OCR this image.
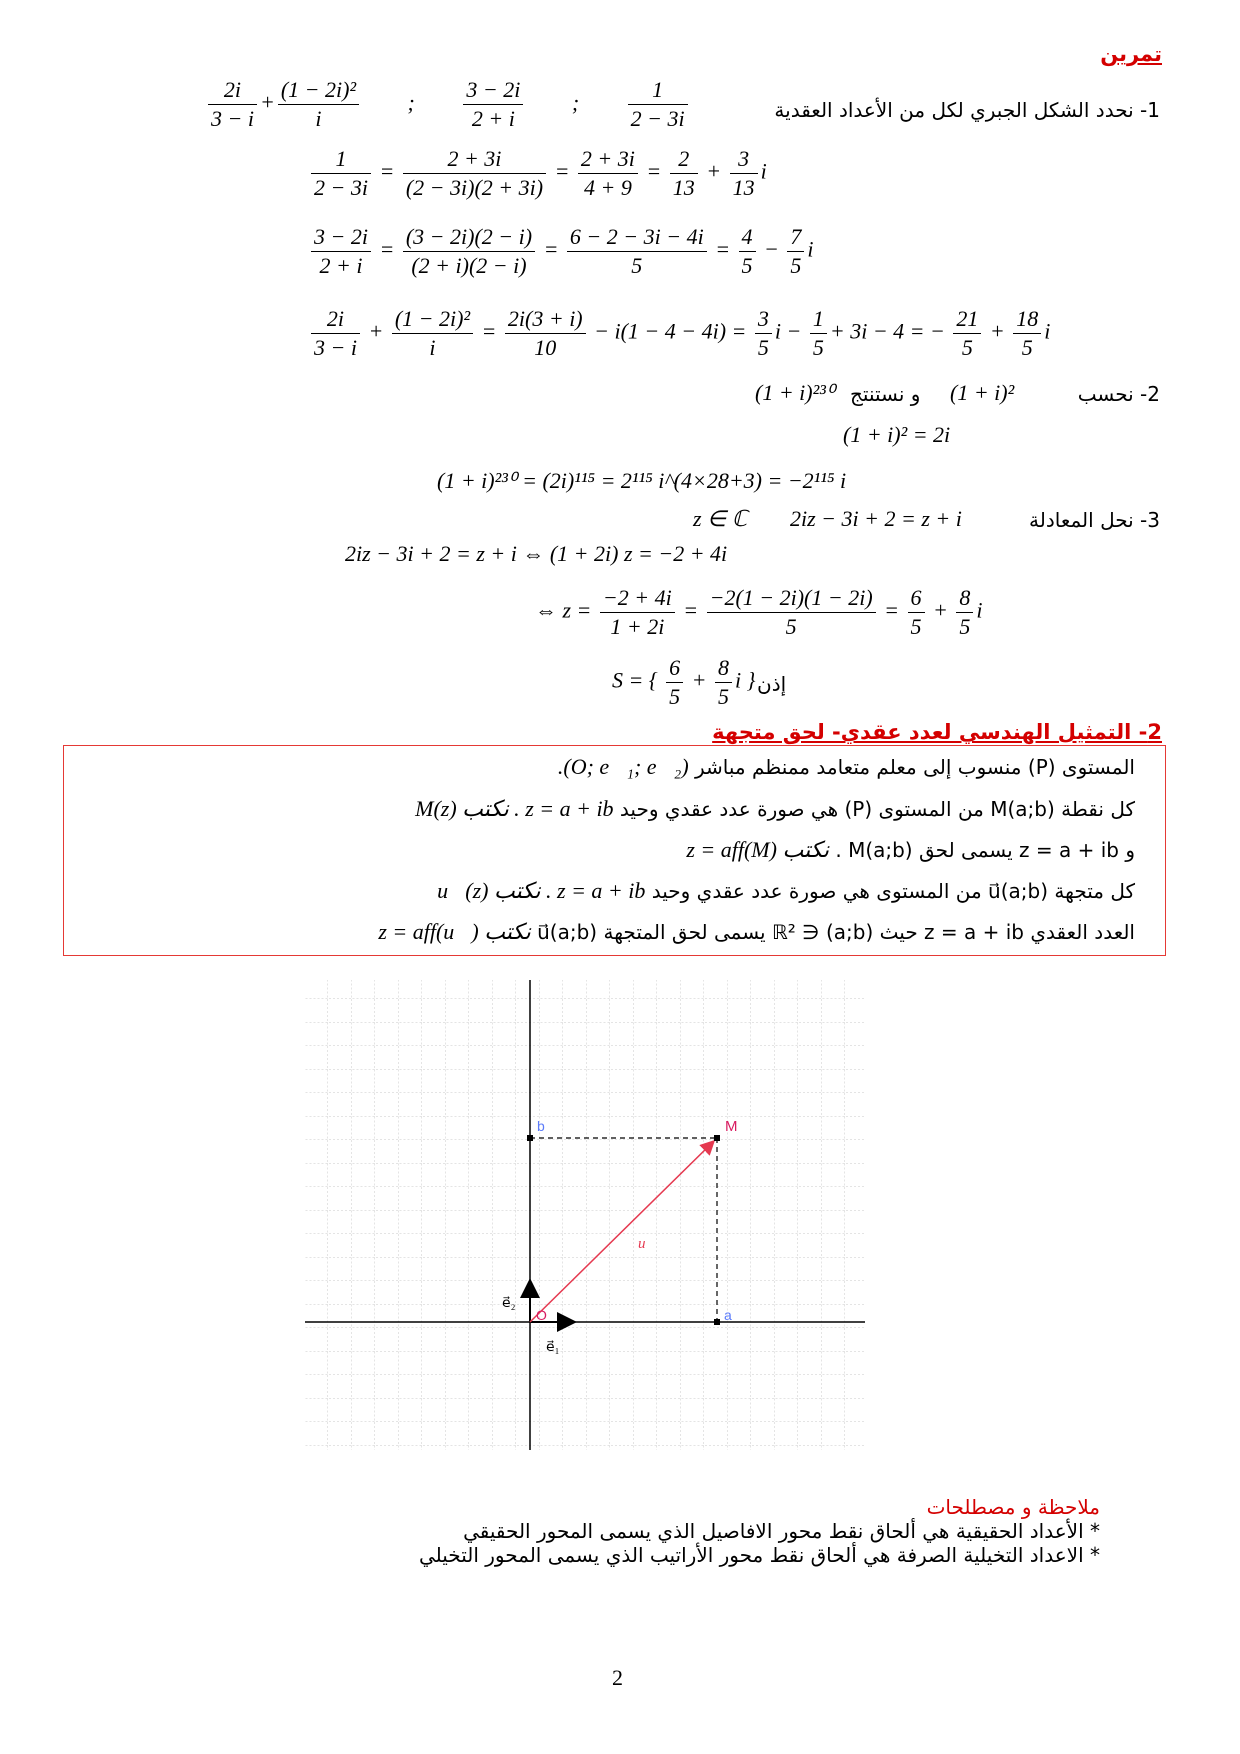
تمرين
1- نحدد الشكل الجبري لكل من الأعداد العقدية
$\frac{2i}{3 - i} + \frac{\text{(1 − 2i)²}}{i}$ ; $\frac{3 - 2i}{2 + i}$ ; $\frac{1}{2 - 3i}$
$\frac{1}{2 - 3i} = \frac{2 + 3i}{(2 - 3i)(2 + 3i)} = \frac{2 + 3i}{4 + 9} = \frac{2}{13} + \frac{3}{13}$ i
$\frac{3 - 2i}{2 + i} = \frac{(3 - 2i)(2 - i)}{(2 + i)(2 - i)} = \frac{6 - 2 - 3i - 4i}{5} = \frac{4}{5} - \frac{7}{5}$ i
$\frac{2i}{3 - i} + \frac{\text{(1 − 2i)²}}{i} = \frac{2i(3 + i)}{10} - i(1 - 4 - 4i) = \frac{3}{5}$ $i - \frac{1}{5} + 3i - 4$ = − $\frac{21}{5} + \frac{18}{5}$ i
2- نحسب
(1 + i)²
و نستنتج
(1 + i)²³⁰
(1 + i)² = 2i
(1 + i)²³⁰ = (2i)¹¹⁵ = 2¹¹⁵ i^(4×28+3) = −2¹¹⁵ i
3- نحل المعادلة
2iz − 3i + 2 = z + i
z ∈ ℂ
2iz − 3i + 2 = z + i ⇔ (1 + 2i) z = −2 + 4i
⇔ $z = \frac{-2 + 4i}{1 + 2i} = \frac{-2(1 - 2i)(1 - 2i)}{5} = \frac{6}{5} + \frac{8}{5}$ i
إذن
S = { $\frac{6}{5} + \frac{8}{5}$ i }
2- التمثيل الهندسي لعدد عقدي- لحق متجهة
المستوى (P) منسوب إلى معلم متعامد ممنظم مباشر (O; e⃗₁; e⃗₂).
كل نقطة M(a;b) من المستوى (P) هي صورة عدد عقدي وحيد z = a + ib . نكتب M(z)
و z = a + ib يسمى لحق M(a;b) . نكتب z = aff(M)
كل متجهة u⃗(a;b) من المستوى هي صورة عدد عقدي وحيد z = a + ib . نكتب u⃗(z)
العدد العقدي z = a + ib حيث (a;b) ∈ ℝ² يسمى لحق المتجهة u⃗(a;b) نكتب z = aff(u⃗)
b	M
u⃗
e⃗₂
O	a
e⃗₁
ملاحظة و مصطلحات
* الأعداد الحقيقية هي ألحاق نقط محور الافاصيل الذي يسمى المحور الحقيقي
* الاعداد التخيلية الصرفة هي ألحاق نقط محور الأراتيب الذي يسمى المحور التخيلي
2
